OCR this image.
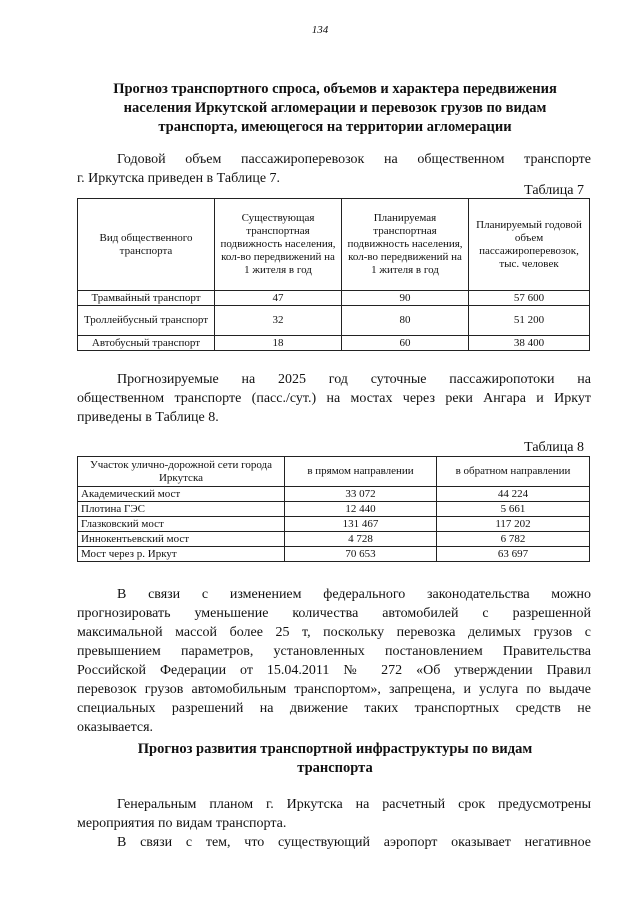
134
Прогноз транспортного спроса, объемов и характера передвижения
населения Иркутской агломерации и перевозок грузов по видам
транспорта, имеющегося на территории агломерации
Годовой объем пассажироперевозок на общественном транспорте
г. Иркутска приведен в Таблице 7.
Таблица 7
Вид общественного транспорта	Существующая транспортная подвижность населения, кол-во передвижений на 1 жителя в год	Планируемая транспортная подвижность населения, кол-во передвижений на 1 жителя в год	Планируемый годовой объем пассажироперевозок, тыс. человек
Трамвайный транспорт	47	90	57 600
Троллейбусный транспорт	32	80	51 200
Автобусный транспорт	18	60	38 400
Прогнозируемые на 2025 год суточные пассажиропотоки на
общественном транспорте (пасс./сут.) на мостах через реки Ангара и Иркут
приведены в Таблице 8.
Таблица 8
Участок улично-дорожной сети города Иркутска	в прямом направлении	в обратном направлении
Академический мост	33 072	44 224
Плотина ГЭС	12 440	5 661
Глазковский мост	131 467	117 202
Иннокентьевский мост	4 728	6 782
Мост через р. Иркут	70 653	63 697
В связи с изменением федерального законодательства можно
прогнозировать уменьшение количества автомобилей с разрешенной
максимальной массой более 25 т, поскольку перевозка делимых грузов с
превышением параметров, установленных постановлением Правительства
Российской Федерации от 15.04.2011 № 272 «Об утверждении Правил
перевозок грузов автомобильным транспортом», запрещена, и услуга по выдаче
специальных разрешений на движение таких транспортных средств не
оказывается.
Прогноз развития транспортной инфраструктуры по видам
транспорта
Генеральным планом г. Иркутска на расчетный срок предусмотрены
мероприятия по видам транспорта.
В связи с тем, что существующий аэропорт оказывает негативное
